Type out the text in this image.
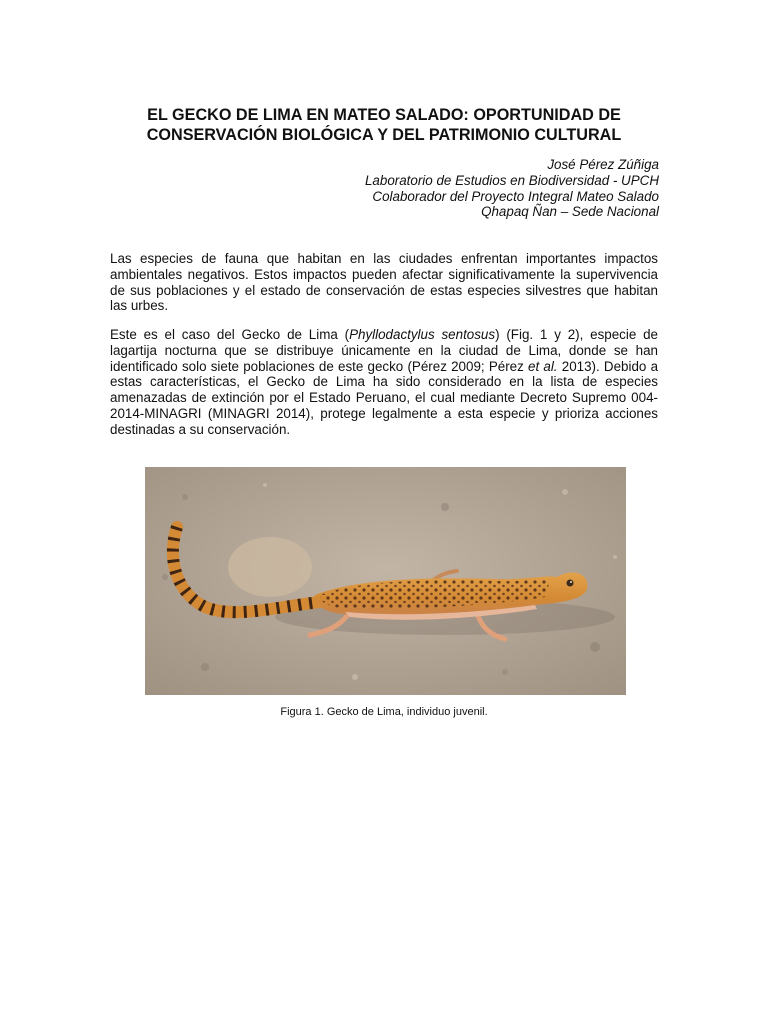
EL GECKO DE LIMA EN MATEO SALADO: OPORTUNIDAD DE
CONSERVACIÓN BIOLÓGICA Y DEL PATRIMONIO CULTURAL
José Pérez Zúñiga
Laboratorio de Estudios en Biodiversidad - UPCH
Colaborador del Proyecto Integral Mateo Salado
Qhapaq Ñan – Sede Nacional

Las especies de fauna que habitan en las ciudades enfrentan importantes impactos ambientales negativos. Estos impactos pueden afectar significativamente la supervivencia de sus poblaciones y el estado de conservación de estas especies silvestres que habitan las urbes.

Este es el caso del Gecko de Lima (Phyllodactylus sentosus) (Fig. 1 y 2), especie de lagartija nocturna que se distribuye únicamente en la ciudad de Lima, donde se han identificado solo siete poblaciones de este gecko (Pérez 2009; Pérez et al. 2013). Debido a estas características, el Gecko de Lima ha sido considerado en la lista de especies amenazadas de extinción por el Estado Peruano, el cual mediante Decreto Supremo 004-2014-MINAGRI (MINAGRI 2014), protege legalmente a esta especie y prioriza acciones destinadas a su conservación.

Figura 1. Gecko de Lima, individuo juvenil.
